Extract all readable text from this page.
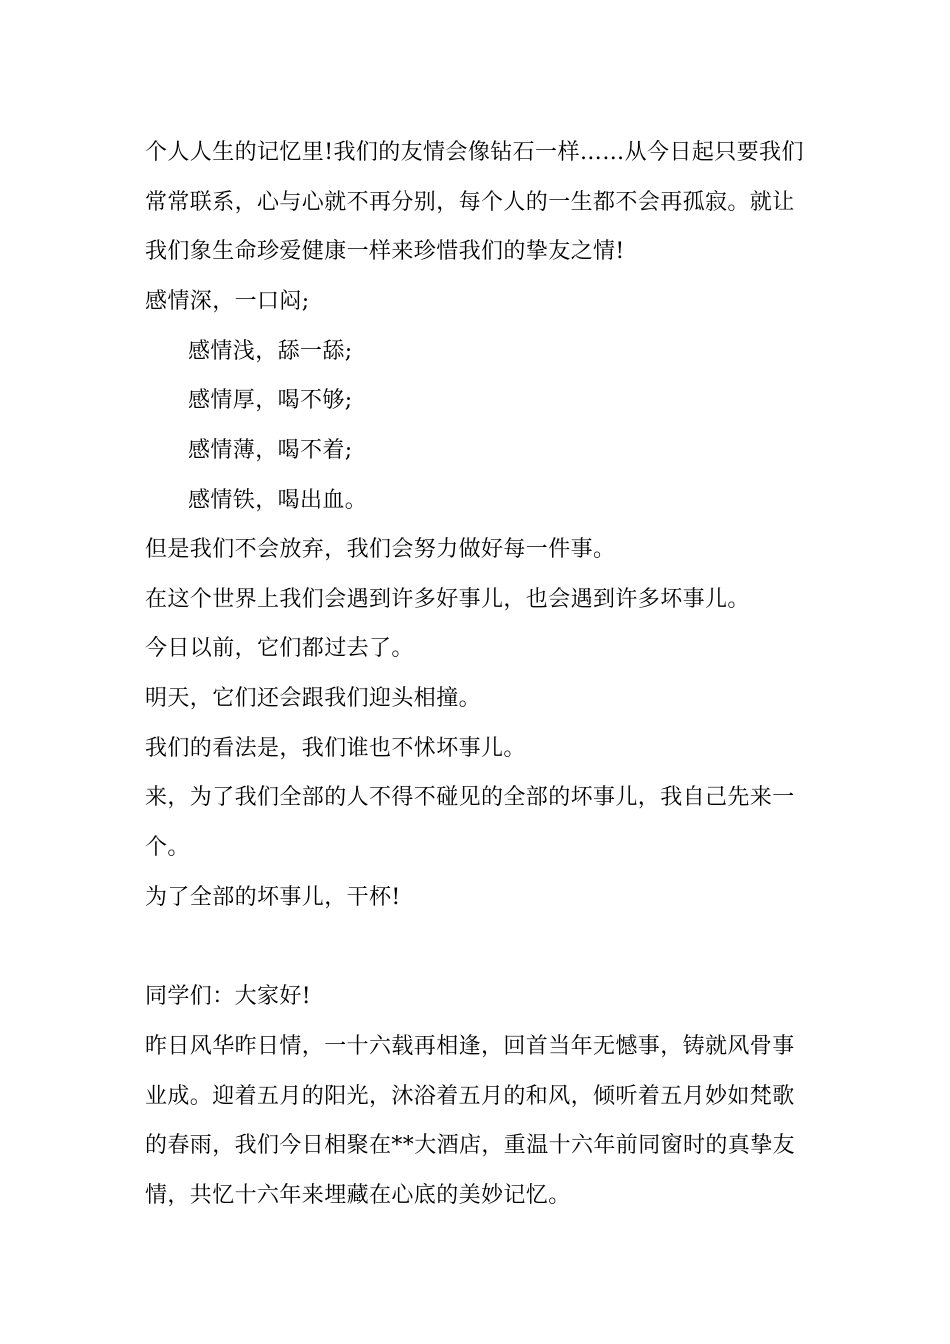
个人人生的记忆里!我们的友情会像钻石一样……从今日起只要我们
常常联系，心与心就不再分别，每个人的一生都不会再孤寂。就让
我们象生命珍爱健康一样来珍惜我们的挚友之情!
感情深，一口闷;
感情浅，舔一舔;
感情厚，喝不够;
感情薄，喝不着;
感情铁，喝出血。
但是我们不会放弃，我们会努力做好每一件事。
在这个世界上我们会遇到许多好事儿，也会遇到许多坏事儿。
今日以前，它们都过去了。
明天，它们还会跟我们迎头相撞。
我们的看法是，我们谁也不怵坏事儿。
来，为了我们全部的人不得不碰见的全部的坏事儿，我自己先来一
个。
为了全部的坏事儿，干杯!
同学们：大家好!
昨日风华昨日情，一十六载再相逢，回首当年无憾事，铸就风骨事
业成。迎着五月的阳光，沐浴着五月的和风，倾听着五月妙如梵歌
的春雨，我们今日相聚在**大酒店，重温十六年前同窗时的真挚友
情，共忆十六年来埋藏在心底的美妙记忆。
